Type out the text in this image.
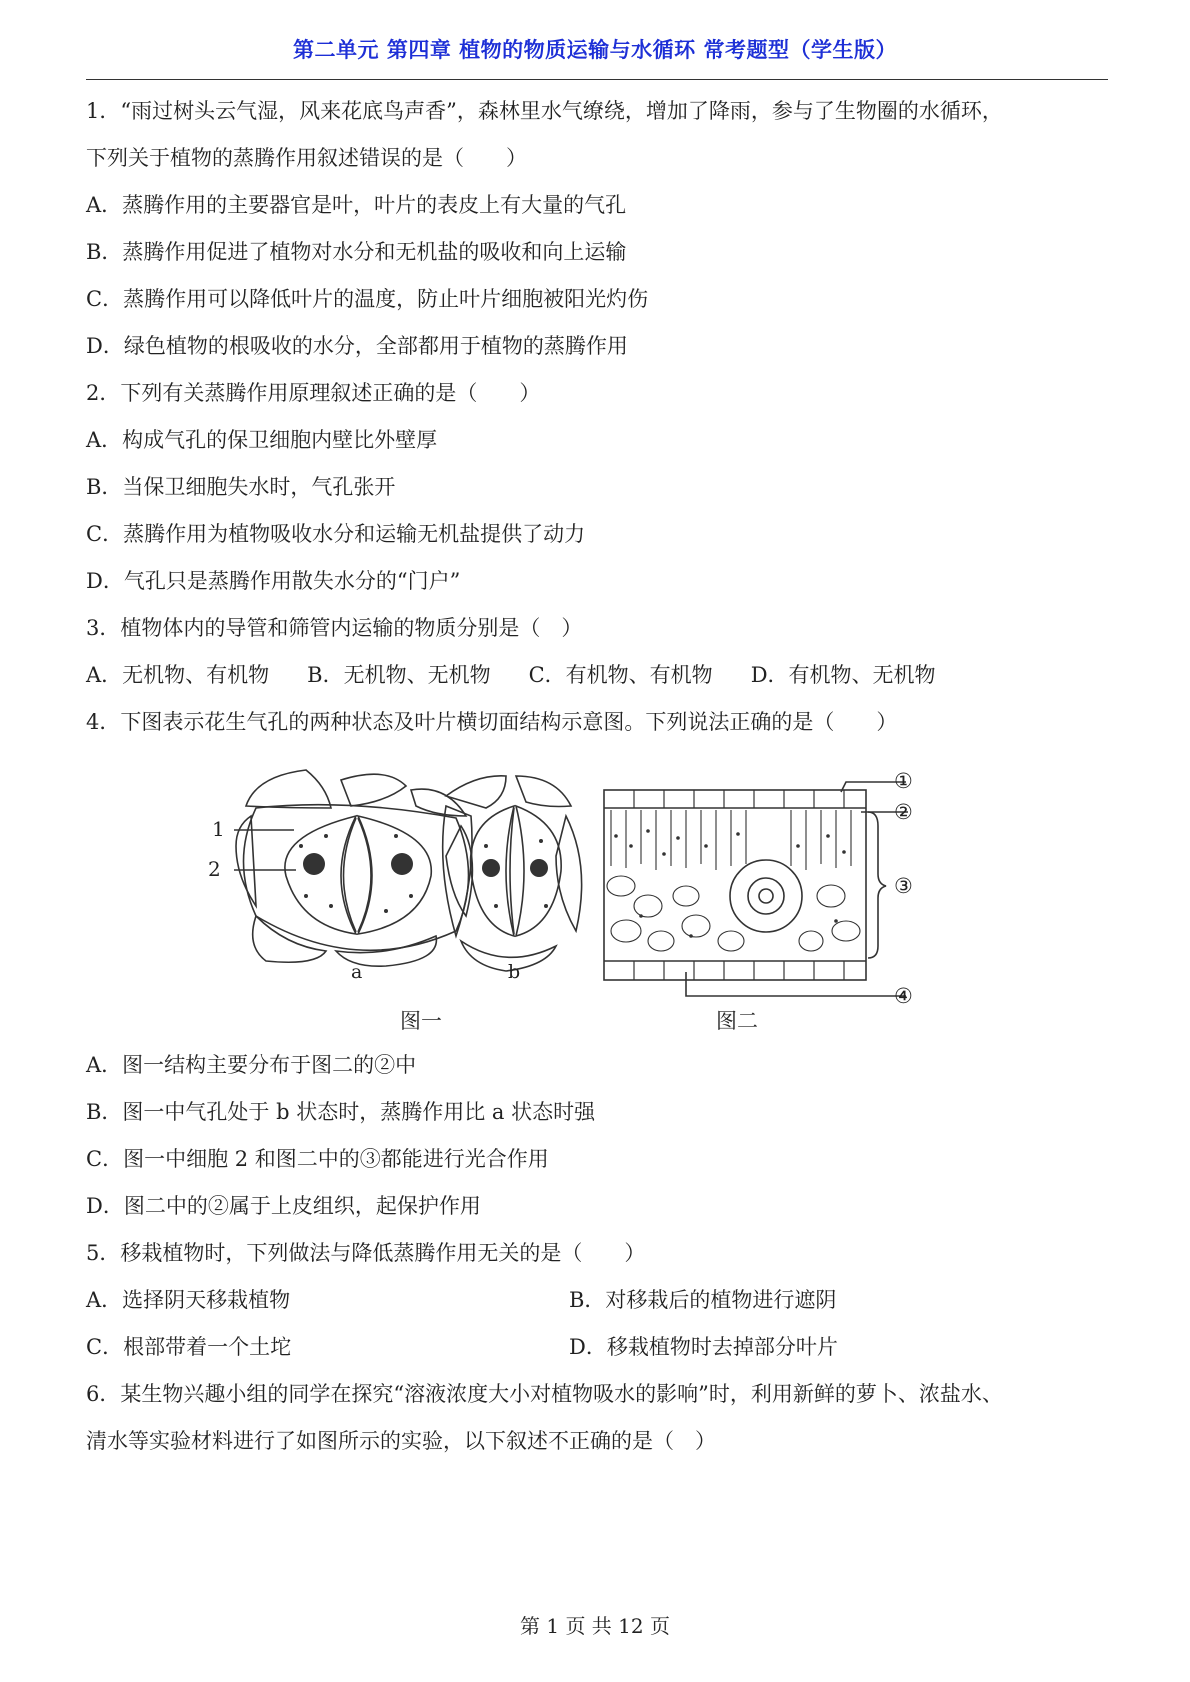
第二单元 第四章 植物的物质运输与水循环 常考题型（学生版）
1．“雨过树头云气湿，风来花底鸟声香”，森林里水气缭绕，增加了降雨，参与了生物圈的水循环，
下列关于植物的蒸腾作用叙述错误的是（　　）
A．蒸腾作用的主要器官是叶，叶片的表皮上有大量的气孔
B．蒸腾作用促进了植物对水分和无机盐的吸收和向上运输
C．蒸腾作用可以降低叶片的温度，防止叶片细胞被阳光灼伤
D．绿色植物的根吸收的水分，全部都用于植物的蒸腾作用
2．下列有关蒸腾作用原理叙述正确的是（　　）
A．构成气孔的保卫细胞内壁比外壁厚
B．当保卫细胞失水时，气孔张开
C．蒸腾作用为植物吸收水分和运输无机盐提供了动力
D．气孔只是蒸腾作用散失水分的“门户”
3．植物体内的导管和筛管内运输的物质分别是（　）
A．无机物、有机物 B．无机物、无机物 C．有机物、有机物 D．有机物、无机物
4．下图表示花生气孔的两种状态及叶片横切面结构示意图。下列说法正确的是（　　）
1
2
a	b
①
②
③
④
图一	图二
A．图一结构主要分布于图二的②中
B．图一中气孔处于 b 状态时，蒸腾作用比 a 状态时强
C．图一中细胞 2 和图二中的③都能进行光合作用
D．图二中的②属于上皮组织，起保护作用
5．移栽植物时，下列做法与降低蒸腾作用无关的是（　　）
A．选择阴天移栽植物	B．对移栽后的植物进行遮阴
C．根部带着一个土坨	D．移栽植物时去掉部分叶片
6．某生物兴趣小组的同学在探究“溶液浓度大小对植物吸水的影响”时，利用新鲜的萝卜、浓盐水、
清水等实验材料进行了如图所示的实验，以下叙述不正确的是（　）
第 1 页 共 12 页
